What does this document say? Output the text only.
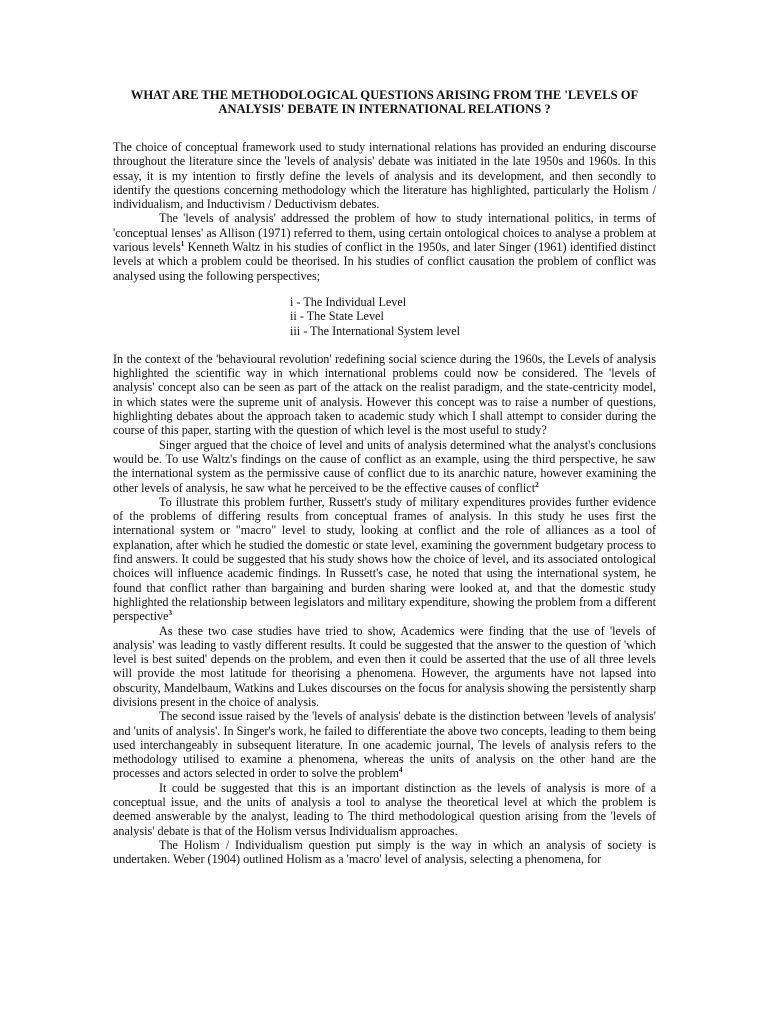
WHAT ARE THE METHODOLOGICAL QUESTIONS ARISING FROM THE 'LEVELS OF ANALYSIS' DEBATE IN INTERNATIONAL RELATIONS ?

The choice of conceptual framework used to study international relations has provided an enduring discourse throughout the literature since the 'levels of analysis' debate was initiated in the late 1950s and 1960s. In this essay, it is my intention to firstly define the levels of analysis and its development, and then secondly to identify the questions concerning methodology which the literature has highlighted, particularly the Holism / individualism, and Inductivism / Deductivism debates.

The 'levels of analysis' addressed the problem of how to study international politics, in terms of 'conceptual lenses' as Allison (1971) referred to them, using certain ontological choices to analyse a problem at various levels$^1$ Kenneth Waltz in his studies of conflict in the 1950s, and later Singer (1961) identified distinct levels at which a problem could be theorised. In his studies of conflict causation the problem of conflict was analysed using the following perspectives;

i - The Individual Level
ii - The State Level
iii - The International System level

In the context of the 'behavioural revolution' redefining social science during the 1960s, the Levels of analysis highlighted the scientific way in which international problems could now be considered. The 'levels of analysis' concept also can be seen as part of the attack on the realist paradigm, and the state-centricity model, in which states were the supreme unit of analysis. However this concept was to raise a number of questions, highlighting debates about the approach taken to academic study which I shall attempt to consider during the course of this paper, starting with the question of which level is the most useful to study?

Singer argued that the choice of level and units of analysis determined what the analyst's conclusions would be. To use Waltz's findings on the cause of conflict as an example, using the third perspective, he saw the international system as the permissive cause of conflict due to its anarchic nature, however examining the other levels of analysis, he saw what he perceived to be the effective causes of conflict$^2$

To illustrate this problem further, Russett's study of military expenditures provides further evidence of the problems of differing results from conceptual frames of analysis. In this study he uses first the international system or "macro" level to study, looking at conflict and the role of alliances as a tool of explanation, after which he studied the domestic or state level, examining the government budgetary process to find answers. It could be suggested that his study shows how the choice of level, and its associated ontological choices will influence academic findings. In Russett's case, he noted that using the international system, he found that conflict rather than bargaining and burden sharing were looked at, and that the domestic study highlighted the relationship between legislators and military expenditure, showing the problem from a different perspective$^3$

As these two case studies have tried to show, Academics were finding that the use of 'levels of analysis' was leading to vastly different results. It could be suggested that the answer to the question of 'which level is best suited' depends on the problem, and even then it could be asserted that the use of all three levels will provide the most latitude for theorising a phenomena. However, the arguments have not lapsed into obscurity, Mandelbaum, Watkins and Lukes discourses on the focus for analysis showing the persistently sharp divisions present in the choice of analysis.

The second issue raised by the 'levels of analysis' debate is the distinction between 'levels of analysis' and 'units of analysis'. In Singer's work, he failed to differentiate the above two concepts, leading to them being used interchangeably in subsequent literature. In one academic journal, The levels of analysis refers to the methodology utilised to examine a phenomena, whereas the units of analysis on the other hand are the processes and actors selected in order to solve the problem$^4$

It could be suggested that this is an important distinction as the levels of analysis is more of a conceptual issue, and the units of analysis a tool to analyse the theoretical level at which the problem is deemed answerable by the analyst, leading to The third methodological question arising from the 'levels of analysis' debate is that of the Holism versus Individualism approaches.

The Holism / Individualism question put simply is the way in which an analysis of society is undertaken. Weber (1904) outlined Holism as a 'macro' level of analysis, selecting a phenomena, for
